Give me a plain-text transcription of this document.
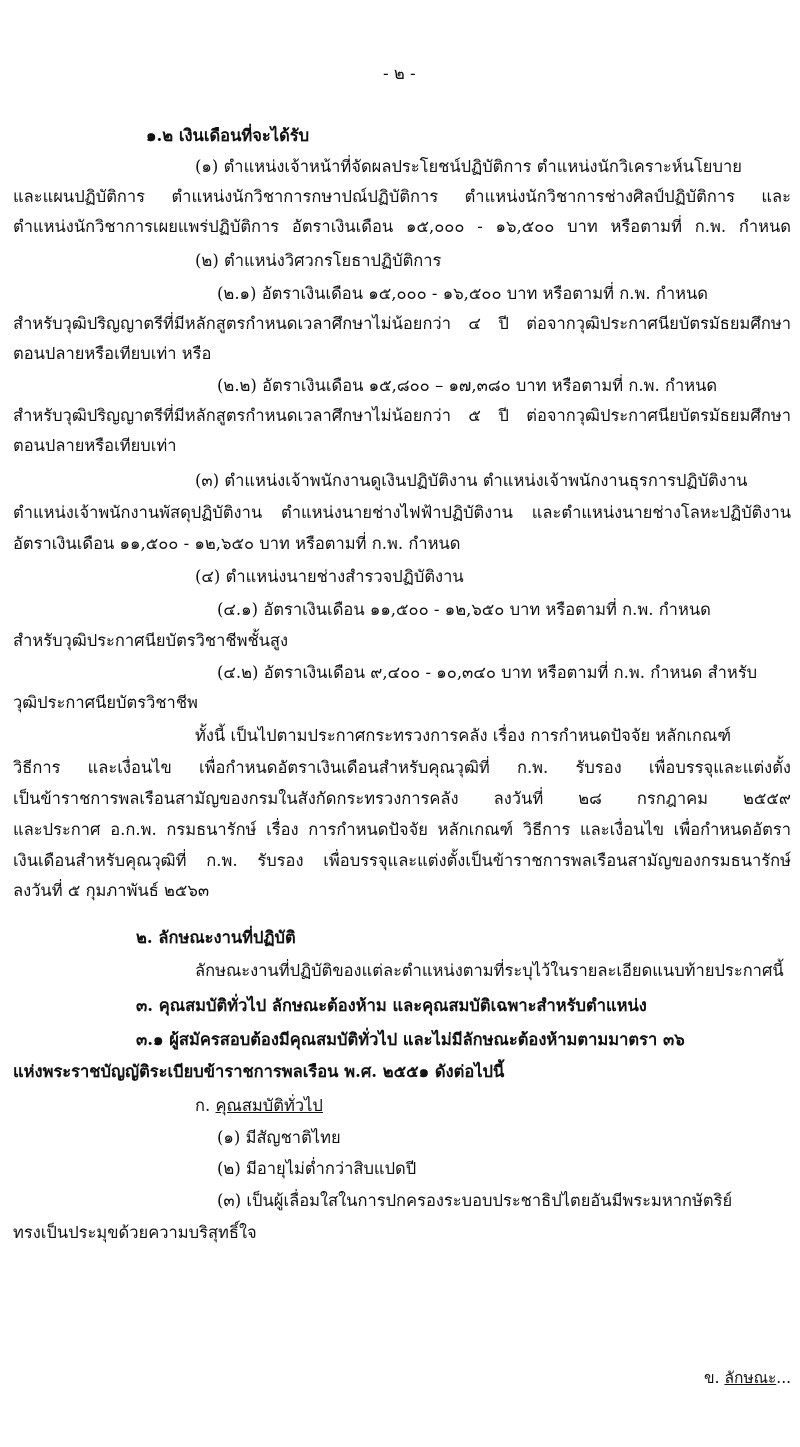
- ๒ -
๑.๒ เงินเดือนที่จะได้รับ
(๑) ตำแหน่งเจ้าหน้าที่จัดผลประโยชน์ปฏิบัติการ ตำแหน่งนักวิเคราะห์นโยบาย
และแผนปฏิบัติการ ตำแหน่งนักวิชาการกษาปณ์ปฏิบัติการ ตำแหน่งนักวิชาการช่างศิลป์ปฏิบัติการ และ
ตำแหน่งนักวิชาการเผยแพร่ปฏิบัติการ อัตราเงินเดือน ๑๕,๐๐๐ - ๑๖,๕๐๐ บาท หรือตามที่ ก.พ. กำหนด
(๒) ตำแหน่งวิศวกรโยธาปฏิบัติการ
(๒.๑) อัตราเงินเดือน ๑๕,๐๐๐ - ๑๖,๕๐๐ บาท หรือตามที่ ก.พ. กำหนด
สำหรับวุฒิปริญญาตรีที่มีหลักสูตรกำหนดเวลาศึกษาไม่น้อยกว่า ๔ ปี ต่อจากวุฒิประกาศนียบัตรมัธยมศึกษา
ตอนปลายหรือเทียบเท่า หรือ
(๒.๒) อัตราเงินเดือน ๑๕,๘๐๐ – ๑๗,๓๘๐ บาท หรือตามที่ ก.พ. กำหนด
สำหรับวุฒิปริญญาตรีที่มีหลักสูตรกำหนดเวลาศึกษาไม่น้อยกว่า ๕ ปี ต่อจากวุฒิประกาศนียบัตรมัธยมศึกษา
ตอนปลายหรือเทียบเท่า
(๓) ตำแหน่งเจ้าพนักงานดูเงินปฏิบัติงาน ตำแหน่งเจ้าพนักงานธุรการปฏิบัติงาน
ตำแหน่งเจ้าพนักงานพัสดุปฏิบัติงาน ตำแหน่งนายช่างไฟฟ้าปฏิบัติงาน และตำแหน่งนายช่างโลหะปฏิบัติงาน
อัตราเงินเดือน ๑๑,๕๐๐ - ๑๒,๖๕๐ บาท หรือตามที่ ก.พ. กำหนด
(๔) ตำแหน่งนายช่างสำรวจปฏิบัติงาน
(๔.๑) อัตราเงินเดือน ๑๑,๕๐๐ - ๑๒,๖๕๐ บาท หรือตามที่ ก.พ. กำหนด
สำหรับวุฒิประกาศนียบัตรวิชาชีพชั้นสูง
(๔.๒) อัตราเงินเดือน ๙,๔๐๐ - ๑๐,๓๔๐ บาท หรือตามที่ ก.พ. กำหนด สำหรับ
วุฒิประกาศนียบัตรวิชาชีพ
ทั้งนี้ เป็นไปตามประกาศกระทรวงการคลัง เรื่อง การกำหนดปัจจัย หลักเกณฑ์
วิธีการ และเงื่อนไข เพื่อกำหนดอัตราเงินเดือนสำหรับคุณวุฒิที่ ก.พ. รับรอง เพื่อบรรจุและแต่งตั้ง
เป็นข้าราชการพลเรือนสามัญของกรมในสังกัดกระทรวงการคลัง ลงวันที่ ๒๘ กรกฎาคม ๒๕๕๙
และประกาศ อ.ก.พ. กรมธนารักษ์ เรื่อง การกำหนดปัจจัย หลักเกณฑ์ วิธีการ และเงื่อนไข เพื่อกำหนดอัตรา
เงินเดือนสำหรับคุณวุฒิที่ ก.พ. รับรอง เพื่อบรรจุและแต่งตั้งเป็นข้าราชการพลเรือนสามัญของกรมธนารักษ์
ลงวันที่ ๕ กุมภาพันธ์ ๒๕๖๓
๒. ลักษณะงานที่ปฏิบัติ
ลักษณะงานที่ปฏิบัติของแต่ละตำแหน่งตามที่ระบุไว้ในรายละเอียดแนบท้ายประกาศนี้
๓. คุณสมบัติทั่วไป ลักษณะต้องห้าม และคุณสมบัติเฉพาะสำหรับตำแหน่ง
๓.๑ ผู้สมัครสอบต้องมีคุณสมบัติทั่วไป และไม่มีลักษณะต้องห้ามตามมาตรา ๓๖
แห่งพระราชบัญญัติระเบียบข้าราชการพลเรือน พ.ศ. ๒๕๕๑ ดังต่อไปนี้
ก. คุณสมบัติทั่วไป
(๑) มีสัญชาติไทย
(๒) มีอายุไม่ต่ำกว่าสิบแปดปี
(๓) เป็นผู้เลื่อมใสในการปกครองระบอบประชาธิปไตยอันมีพระมหากษัตริย์
ทรงเป็นประมุขด้วยความบริสุทธิ์ใจ
ข. ลักษณะ...
